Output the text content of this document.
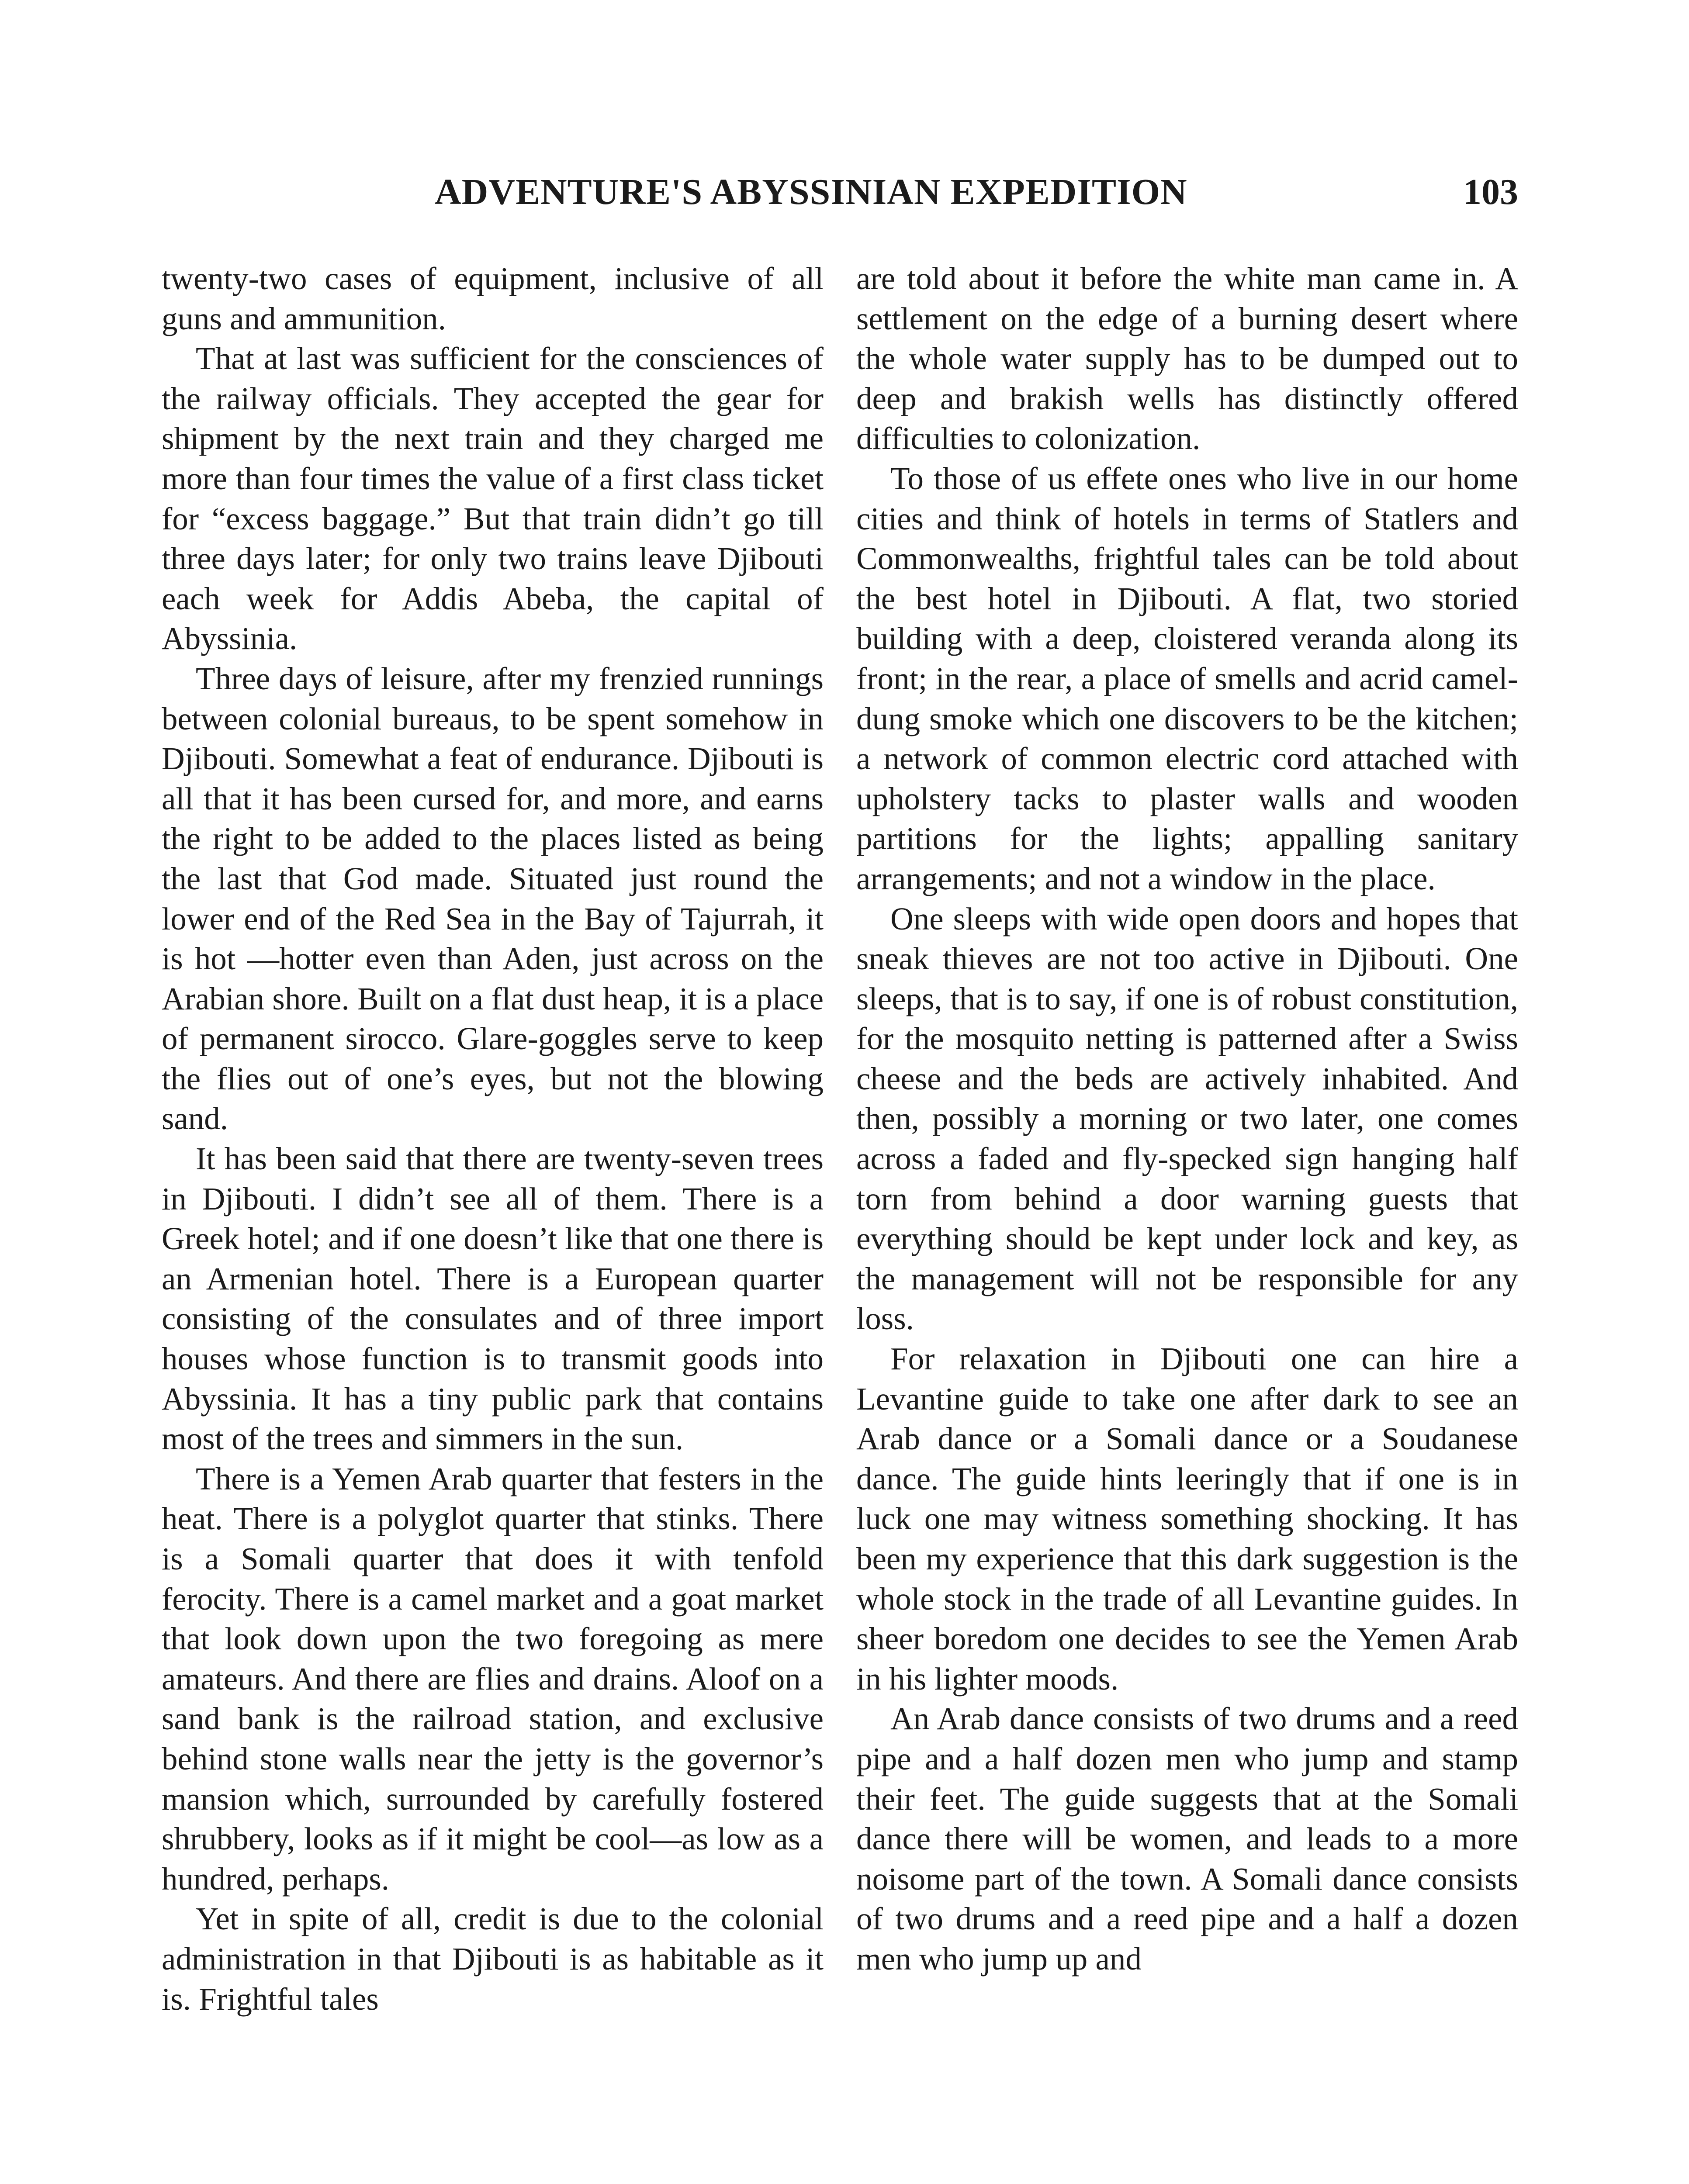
ADVENTURE'S ABYSSINIAN EXPEDITION	103

twenty-two cases of equipment, inclusive of all guns and ammunition.

That at last was sufficient for the consciences of the railway officials. They accepted the gear for shipment by the next train and they charged me more than four times the value of a first class ticket for “excess baggage.” But that train didn’t go till three days later; for only two trains leave Djibouti each week for Addis Abeba, the capital of Abyssinia.

Three days of leisure, after my frenzied runnings between colonial bureaus, to be spent somehow in Djibouti. Somewhat a feat of endurance. Djibouti is all that it has been cursed for, and more, and earns the right to be added to the places listed as being the last that God made. Situated just round the lower end of the Red Sea in the Bay of Tajurrah, it is hot —hotter even than Aden, just across on the Arabian shore. Built on a flat dust heap, it is a place of permanent sirocco. Glare-goggles serve to keep the flies out of one’s eyes, but not the blowing sand.

It has been said that there are twenty-seven trees in Djibouti. I didn’t see all of them. There is a Greek hotel; and if one doesn’t like that one there is an Armenian hotel. There is a European quarter consisting of the consulates and of three import houses whose function is to transmit goods into Abyssinia. It has a tiny public park that contains most of the trees and simmers in the sun.

There is a Yemen Arab quarter that festers in the heat. There is a polyglot quarter that stinks. There is a Somali quarter that does it with tenfold ferocity. There is a camel market and a goat market that look down upon the two foregoing as mere amateurs. And there are flies and drains. Aloof on a sand bank is the railroad station, and exclusive behind stone walls near the jetty is the governor’s mansion which, surrounded by carefully fostered shrubbery, looks as if it might be cool—as low as a hundred, perhaps.

Yet in spite of all, credit is due to the colonial administration in that Djibouti is as habitable as it is. Frightful tales

are told about it before the white man came in. A settlement on the edge of a burning desert where the whole water supply has to be dumped out to deep and brakish wells has distinctly offered difficulties to colonization.

To those of us effete ones who live in our home cities and think of hotels in terms of Statlers and Commonwealths, frightful tales can be told about the best hotel in Djibouti. A flat, two storied building with a deep, cloistered veranda along its front; in the rear, a place of smells and acrid camel-dung smoke which one discovers to be the kitchen; a network of common electric cord attached with upholstery tacks to plaster walls and wooden partitions for the lights; appalling sanitary arrangements; and not a window in the place.

One sleeps with wide open doors and hopes that sneak thieves are not too active in Djibouti. One sleeps, that is to say, if one is of robust constitution, for the mosquito netting is patterned after a Swiss cheese and the beds are actively inhabited. And then, possibly a morning or two later, one comes across a faded and fly-specked sign hanging half torn from behind a door warning guests that everything should be kept under lock and key, as the management will not be responsible for any loss.

For relaxation in Djibouti one can hire a Levantine guide to take one after dark to see an Arab dance or a Somali dance or a Soudanese dance. The guide hints leeringly that if one is in luck one may witness something shocking. It has been my experience that this dark suggestion is the whole stock in the trade of all Levantine guides. In sheer boredom one decides to see the Yemen Arab in his lighter moods.

An Arab dance consists of two drums and a reed pipe and a half dozen men who jump and stamp their feet. The guide suggests that at the Somali dance there will be women, and leads to a more noisome part of the town. A Somali dance consists of two drums and a reed pipe and a half a dozen men who jump up and
